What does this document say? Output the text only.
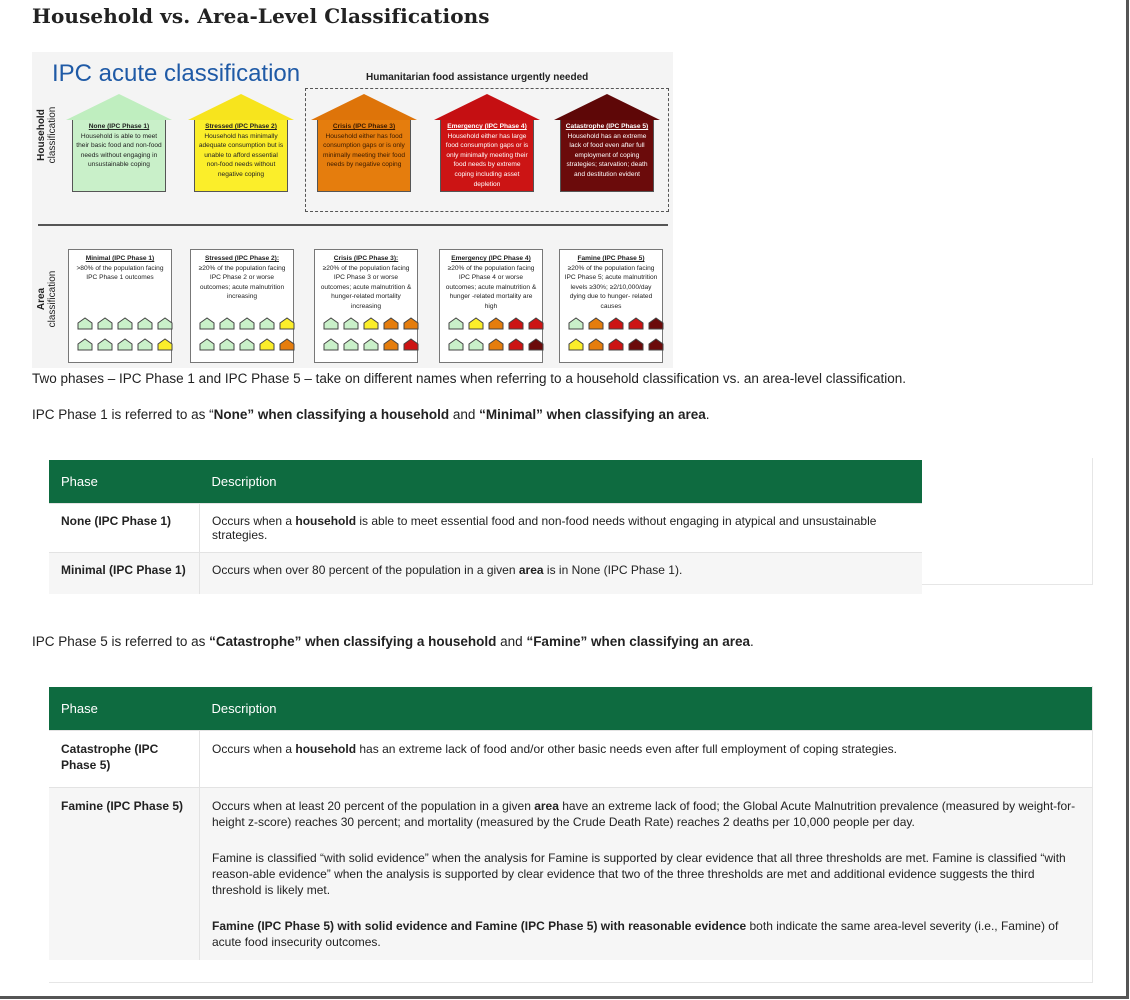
Household vs. Area-Level Classifications
IPC acute classification	Humanitarian food assistance urgently needed
Household
classification
Area
classification
None (IPC Phase 1)
Household is able to meet their basic food and non-food needs without engaging in unsustainable coping
Stressed (IPC Phase 2)
Household has minimally adequate consumption but is unable to afford essential non-food needs without negative coping
Crisis (IPC Phase 3)
Household either has food consumption gaps or is only minimally meeting their food needs by negative coping
Emergency (IPC Phase 4)
Household either has large food consumption gaps or is only minimally meeting their food needs by extreme coping including asset depletion
Catastrophe (IPC Phase 5)
Household has an extreme lack of food even after full employment of coping strategies; starvation; death and destitution evident
Minimal (IPC Phase 1)
>80% of the population facing IPC Phase 1 outcomes
Stressed (IPC Phase 2):
≥20% of the population facing IPC Phase 2 or worse outcomes; acute malnutrition increasing
Crisis (IPC Phase 3):
≥20% of the population facing IPC Phase 3 or worse outcomes; acute malnutrition & hunger-related mortality increasing
Emergency (IPC Phase 4)
≥20% of the population facing IPC Phase 4 or worse outcomes; acute malnutrition & hunger -related mortality are high
Famine (IPC Phase 5)
≥20% of the population facing IPC Phase 5; acute malnutrition levels ≥30%; ≥2/10,000/day dying due to hunger- related causes
Two phases – IPC Phase 1 and IPC Phase 5 – take on different names when referring to a household classification vs. an area-level classification.
IPC Phase 1 is referred to as “None” when classifying a household and “Minimal” when classifying an area.
Phase	Description
None (IPC Phase 1)	Occurs when a household is able to meet essential food and non-food needs without engaging in atypical and unsustainable strategies.
Minimal (IPC Phase 1)	Occurs when over 80 percent of the population in a given area is in None (IPC Phase 1).
IPC Phase 5 is referred to as “Catastrophe” when classifying a household and “Famine” when classifying an area.
Phase	Description

Catastrophe (IPC Phase 5)	Occurs when a household has an extreme lack of food and/or other basic needs even after full employment of coping strategies.

Famine (IPC Phase 5)	Occurs when at least 20 percent of the population in a given area have an extreme lack of food; the Global Acute Malnutrition prevalence (measured by weight-for-height z-score) reaches 30 percent; and mortality (measured by the Crude Death Rate) reaches 2 deaths per 10,000 people per day.

Famine is classified “with solid evidence” when the analysis for Famine is supported by clear evidence that all three thresholds are met. Famine is classified “with reason-able evidence” when the analysis is supported by clear evidence that two of the three thresholds are met and additional evidence suggests the third threshold is likely met.

Famine (IPC Phase 5) with solid evidence and Famine (IPC Phase 5) with reasonable evidence both indicate the same area-level severity (i.e., Famine) of acute food insecurity outcomes.
